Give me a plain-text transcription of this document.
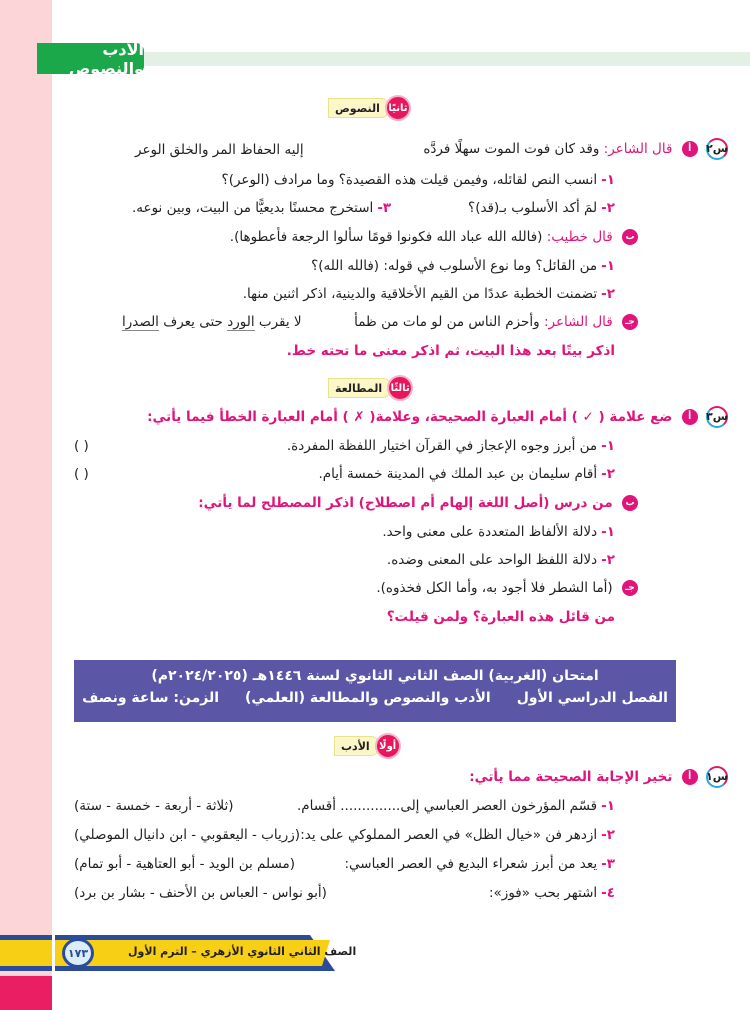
الأدب والنصوص
ثانيًا
النصوص
س٢ أ قال الشاعر: وقد كان فوت الموت سهلًا فردَّه
إليه الحفاظ المر والخلق الوعر
١-انسب النص لقائله، وفيمن قيلت هذه القصيدة؟ وما مرادف (الوعر)؟
٢-لمَ أكد الأسلوب بـ(قد)؟
٣-استخرج محسنًا بديعيًّا من البيت، وبين نوعه.
ب قال خطيب: (فالله الله عباد الله فكونوا قومًا سألوا الرجعة فأعطوها).
١-من القائل؟ وما نوع الأسلوب في قوله: (فالله الله)؟
٢-تضمنت الخطبة عددًا من القيم الأخلاقية والدينية، اذكر اثنين منها.
جـ قال الشاعر: وأحزم الناس من لو مات من ظمأ
لا يقرب الورد حتى يعرف الصدرا
اذكر بيتًا بعد هذا البيت، ثم اذكر معنى ما تحته خط.
ثالثًا
المطالعة
س٣ أ ضع علامة ( ✓ ) أمام العبارة الصحيحة، وعلامة( ✗ ) أمام العبارة الخطأ فيما يأتي:
١-من أبرز وجوه الإعجاز في القرآن اختيار اللفظة المفردة.
( )
٢-أقام سليمان بن عبد الملك في المدينة خمسة أيام.
( )
ب من درس (أصل اللغة إلهام أم اصطلاح) اذكر المصطلح لما يأتي:
١-دلالة الألفاظ المتعددة على معنى واحد.
٢-دلالة اللفظ الواحد على المعنى وضده.
جـ (أما الشطر فلا أجود به، وأما الكل فخذوه).
من قائل هذه العبارة؟ ولمن قيلت؟
امتحان (الغربية) الصف الثاني الثانوي لسنة ١٤٤٦هـ (٢٠٢٤/٢٠٢٥م)
الفصل الدراسي الأول
الأدب والنصوص والمطالعة (العلمي)
الزمن: ساعة ونصف
أولًا
الأدب
س١ أ تخير الإجابة الصحيحة مما يأتي:
١-قسّم المؤرخون العصر العباسي إلى.............. أقسام.
(ثلاثة - أربعة - خمسة - ستة)
٢-ازدهر فن «خيال الظل» في العصر المملوكي على يد:
(زرياب - اليعقوبي - ابن دانيال الموصلي)
٣-يعد من أبرز شعراء البديع في العصر العباسي:
(مسلم بن الويد - أبو العتاهية - أبو تمام)
٤-اشتهر بحب «فوز»:
(أبو نواس - العباس بن الأحنف - بشار بن برد)
١٧٣	الصف الثاني الثانوي الأزهري – الترم الأول
